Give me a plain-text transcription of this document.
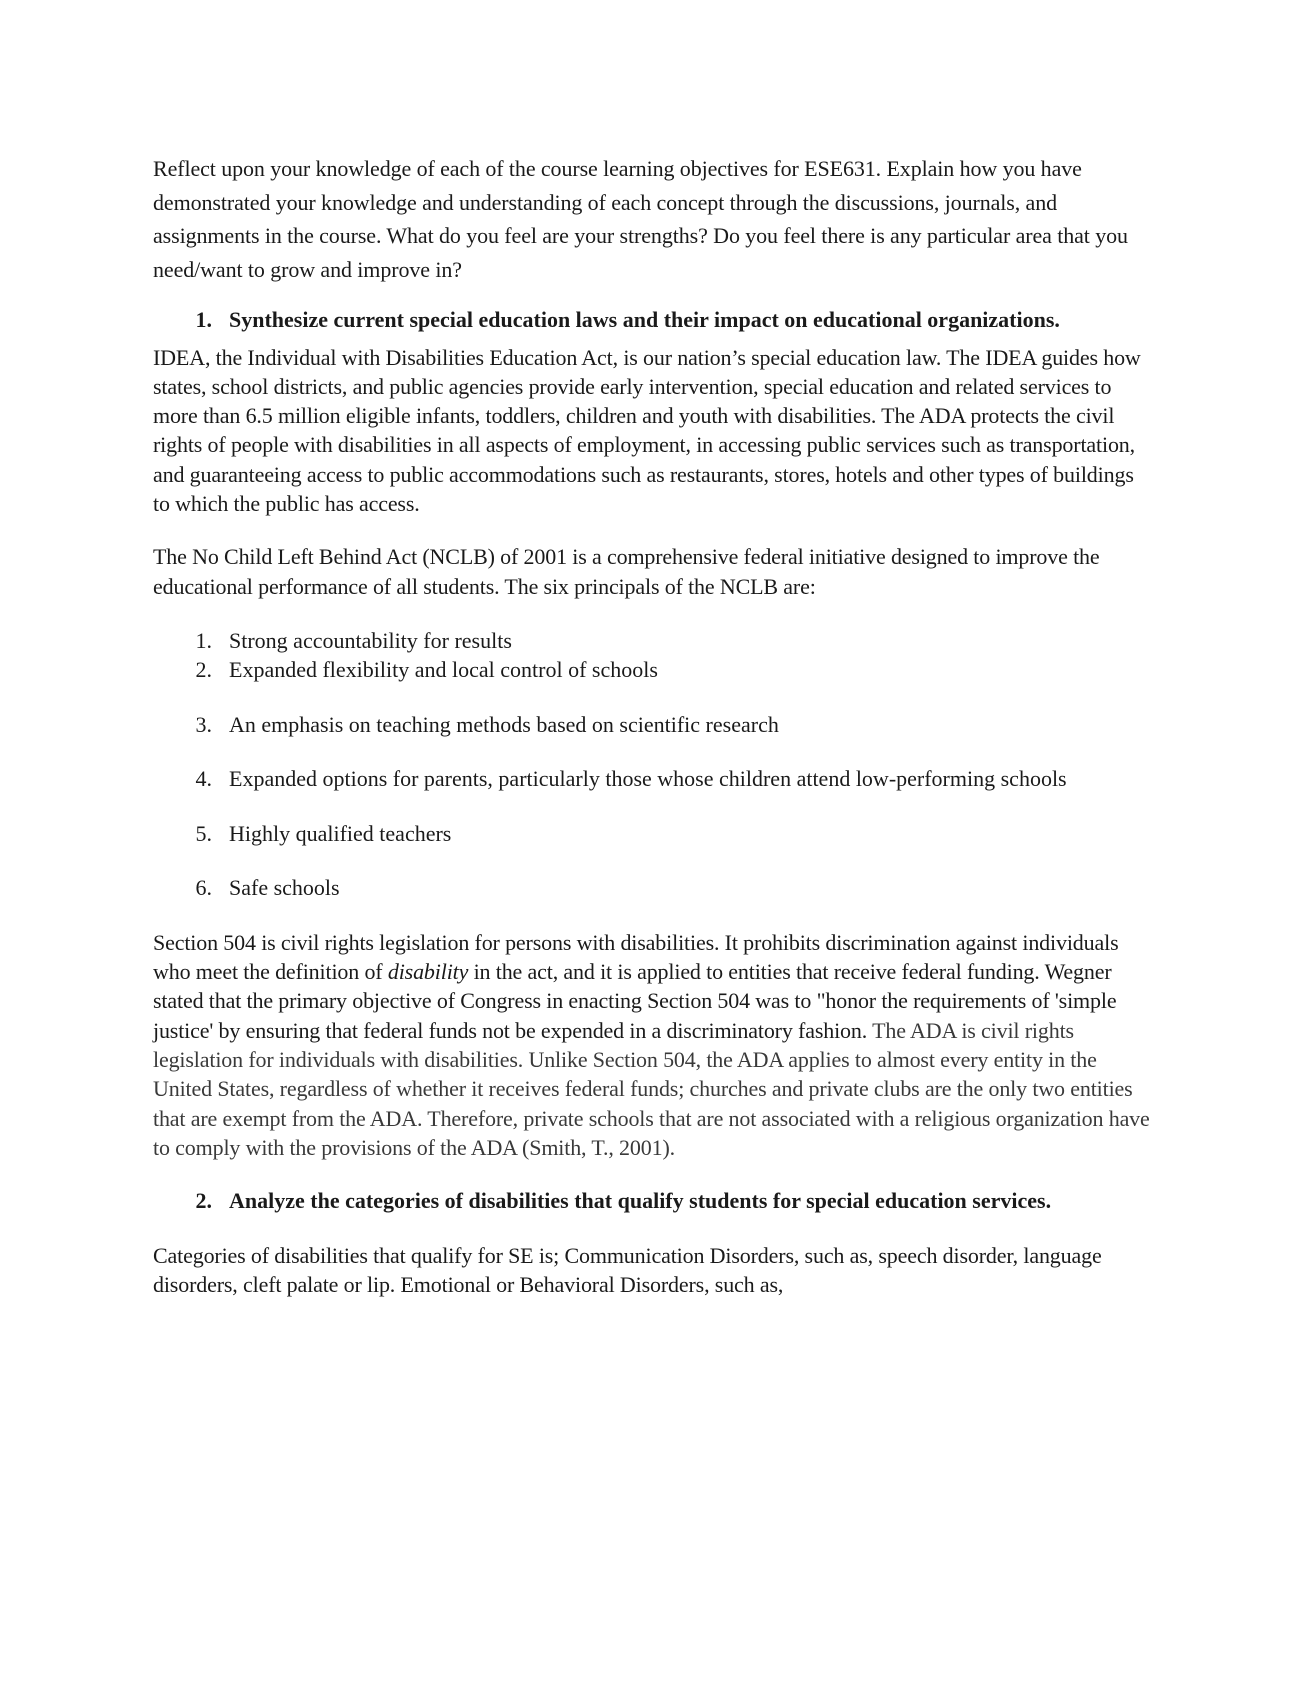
Reflect upon your knowledge of each of the course learning objectives for ESE631. Explain how you have demonstrated your knowledge and understanding of each concept through the discussions, journals, and assignments in the course. What do you feel are your strengths? Do you feel there is any particular area that you need/want to grow and improve in?

1. Synthesize current special education laws and their impact on educational organizations.

IDEA, the Individual with Disabilities Education Act, is our nation’s special education law. The IDEA guides how states, school districts, and public agencies provide early intervention, special education and related services to more than 6.5 million eligible infants, toddlers, children and youth with disabilities. The ADA protects the civil rights of people with disabilities in all aspects of employment, in accessing public services such as transportation, and guaranteeing access to public accommodations such as restaurants, stores, hotels and other types of buildings to which the public has access.

The No Child Left Behind Act (NCLB) of 2001 is a comprehensive federal initiative designed to improve the educational performance of all students. The six principals of the NCLB are:

1. Strong accountability for results
2. Expanded flexibility and local control of schools
3. An emphasis on teaching methods based on scientific research
4. Expanded options for parents, particularly those whose children attend low-performing schools
5. Highly qualified teachers
6. Safe schools

Section 504 is civil rights legislation for persons with disabilities. It prohibits discrimination against individuals who meet the definition of disability in the act, and it is applied to entities that receive federal funding. Wegner stated that the primary objective of Congress in enacting Section 504 was to "honor the requirements of 'simple justice' by ensuring that federal funds not be expended in a discriminatory fashion. The ADA is civil rights legislation for individuals with disabilities. Unlike Section 504, the ADA applies to almost every entity in the United States, regardless of whether it receives federal funds; churches and private clubs are the only two entities that are exempt from the ADA. Therefore, private schools that are not associated with a religious organization have to comply with the provisions of the ADA (Smith, T., 2001).

2. Analyze the categories of disabilities that qualify students for special education services.

Categories of disabilities that qualify for SE is; Communication Disorders, such as, speech disorder, language disorders, cleft palate or lip. Emotional or Behavioral Disorders, such as,
